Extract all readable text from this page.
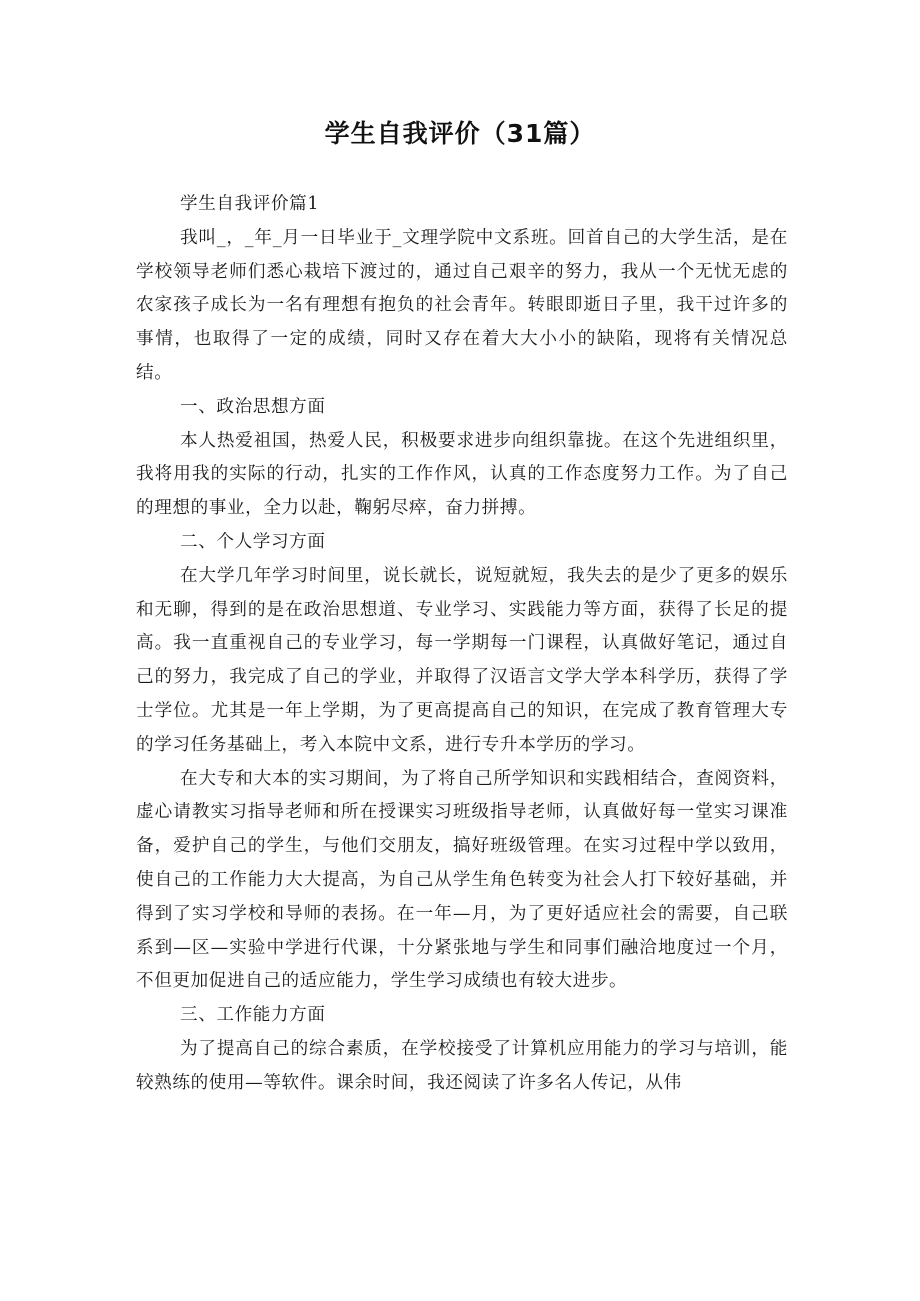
学生自我评价（31篇）

学生自我评价篇1

我叫_，_年_月一日毕业于_文理学院中文系班。回首自己的大学生活，是在学校领导老师们悉心栽培下渡过的，通过自己艰辛的努力，我从一个无忧无虑的农家孩子成长为一名有理想有抱负的社会青年。转眼即逝日子里，我干过许多的事情，也取得了一定的成绩，同时又存在着大大小小的缺陷，现将有关情况总结。

一、政治思想方面

本人热爱祖国，热爱人民，积极要求进步向组织靠拢。在这个先进组织里，我将用我的实际的行动，扎实的工作作风，认真的工作态度努力工作。为了自己的理想的事业，全力以赴，鞠躬尽瘁，奋力拼搏。

二、个人学习方面

在大学几年学习时间里，说长就长，说短就短，我失去的是少了更多的娱乐和无聊，得到的是在政治思想道、专业学习、实践能力等方面，获得了长足的提高。我一直重视自己的专业学习，每一学期每一门课程，认真做好笔记，通过自己的努力，我完成了自己的学业，并取得了汉语言文学大学本科学历，获得了学士学位。尤其是一年上学期，为了更高提高自己的知识，在完成了教育管理大专的学习任务基础上，考入本院中文系，进行专升本学历的学习。

在大专和大本的实习期间，为了将自己所学知识和实践相结合，查阅资料，虚心请教实习指导老师和所在授课实习班级指导老师，认真做好每一堂实习课准备，爱护自己的学生，与他们交朋友，搞好班级管理。在实习过程中学以致用，使自己的工作能力大大提高，为自己从学生角色转变为社会人打下较好基础，并得到了实习学校和导师的表扬。在一年—月，为了更好适应社会的需要，自己联系到—区—实验中学进行代课，十分紧张地与学生和同事们融洽地度过一个月，不但更加促进自己的适应能力，学生学习成绩也有较大进步。

三、工作能力方面

为了提高自己的综合素质，在学校接受了计算机应用能力的学习与培训，能较熟练的使用—等软件。课余时间，我还阅读了许多名人传记，从伟
